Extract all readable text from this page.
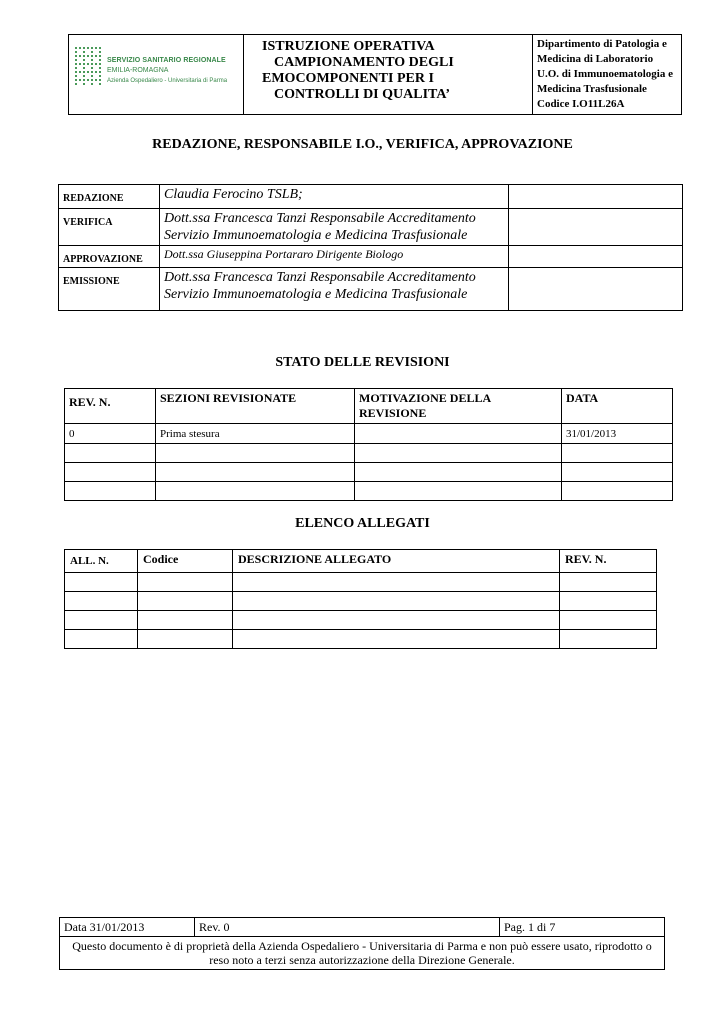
SERVIZIO SANITARIO REGIONALE
EMILIA-ROMAGNA
Azienda Ospedaliero - Universitaria di Parma

ISTRUZIONE OPERATIVA
CAMPIONAMENTO DEGLI
EMOCOMPONENTI PER I
CONTROLLI DI QUALITA’

Dipartimento di Patologia e
Medicina di Laboratorio
U.O. di Immunoematologia e
Medicina Trasfusionale
Codice I.O11L26A
REDAZIONE, RESPONSABILE I.O., VERIFICA, APPROVAZIONE
REDAZIONE	Claudia Ferocino TSLB;	
VERIFICA	Dott.ssa Francesca Tanzi Responsabile Accreditamento
Servizio Immunoematologia e Medicina Trasfusionale	

APPROVAZIONE	Dott.ssa Giuseppina Portararo Dirigente Biologo	
EMISSIONE	Dott.ssa Francesca Tanzi Responsabile Accreditamento
Servizio Immunoematologia e Medicina Trasfusionale	

STATO DELLE REVISIONI
REV. N.	SEZIONI REVISIONATE	MOTIVAZIONE DELLA REVISIONE	DATA
0	Prima stesura		31/01/2013

ELENCO ALLEGATI
ALL. N.	Codice	DESCRIZIONE ALLEGATO	REV. N.

Data 31/01/2013	Rev. 0	Pag. 1 di 7
Questo documento è di proprietà della Azienda Ospedaliero - Universitaria di Parma e non può essere usato, riprodotto o reso noto a terzi senza autorizzazione della Direzione Generale.
